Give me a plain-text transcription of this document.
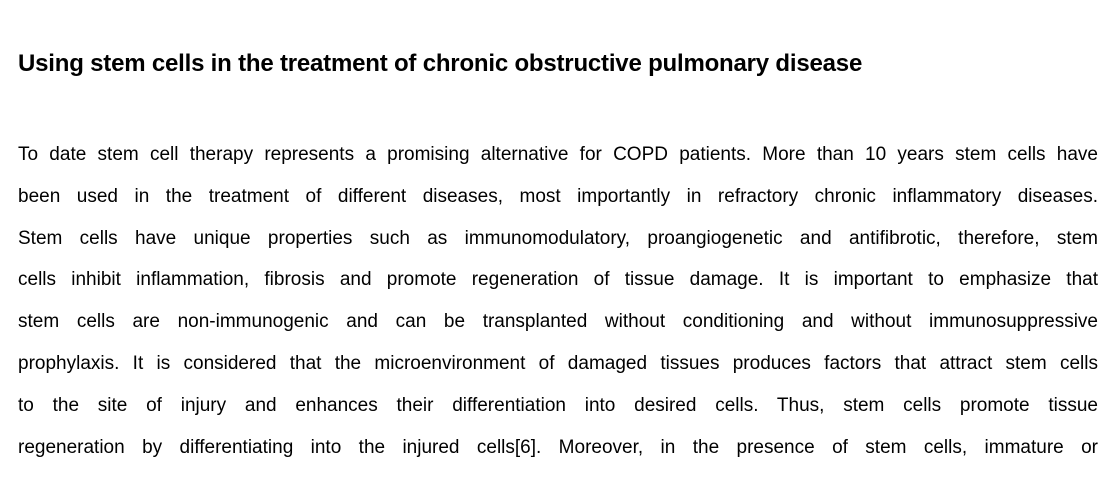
Using stem cells in the treatment of chronic obstructive pulmonary disease

To date stem cell therapy represents a promising alternative for COPD patients. More than 10 years stem cells have
been used in the treatment of different diseases, most importantly in refractory chronic inflammatory diseases.
Stem cells have unique properties such as immunomodulatory, proangiogenetic and antifibrotic, therefore, stem
cells inhibit inflammation, fibrosis and promote regeneration of tissue damage. It is important to emphasize that
stem cells are non-immunogenic and can be transplanted without conditioning and without immunosuppressive
prophylaxis. It is considered that the microenvironment of damaged tissues produces factors that attract stem cells
to the site of injury and enhances their differentiation into desired cells. Thus, stem cells promote tissue
regeneration by differentiating into the injured cells[6]. Moreover, in the presence of stem cells, immature or
